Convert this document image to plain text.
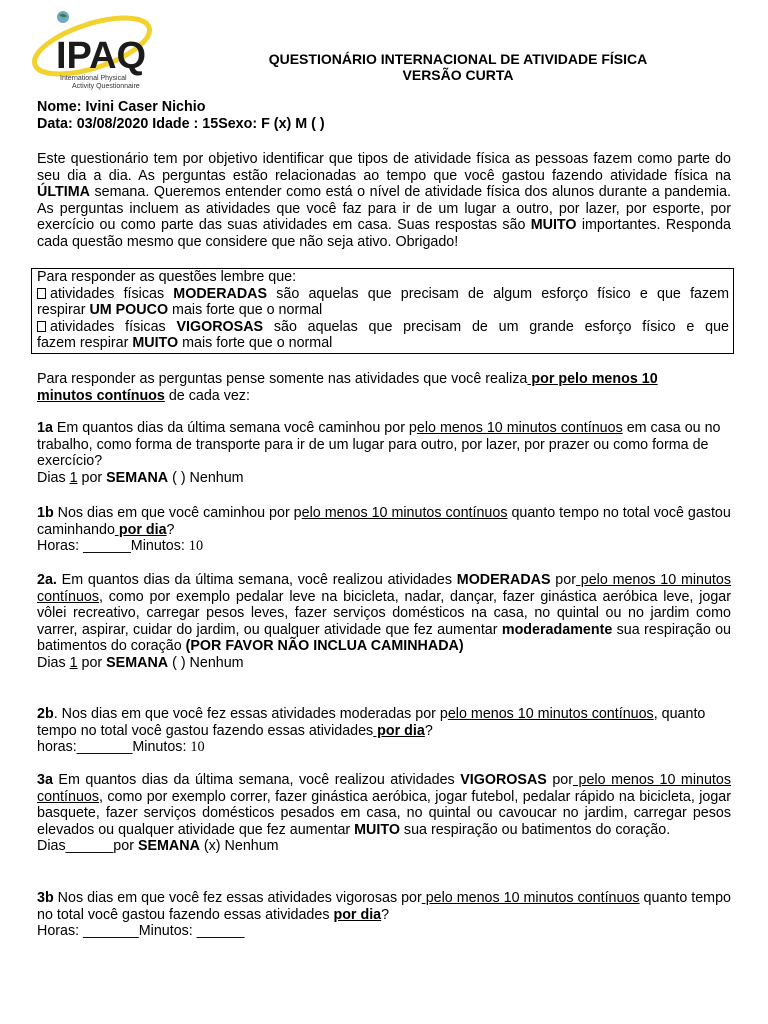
IPAQ
International Physical
Activity Questionnaire
QUESTIONÁRIO INTERNACIONAL DE ATIVIDADE FÍSICA
VERSÃO CURTA
Nome: Ivini Caser Nichio
Data: 03/08/2020 Idade : 15Sexo: F (x) M ( )
Este questionário tem por objetivo identificar que tipos de atividade física as pessoas fazem como parte do seu dia a dia. As perguntas estão relacionadas ao tempo que você gastou fazendo atividade física na ÚLTIMA semana. Queremos entender como está o nível de atividade física dos alunos durante a pandemia. As perguntas incluem as atividades que você faz para ir de um lugar a outro, por lazer, por esporte, por exercício ou como parte das suas atividades em casa. Suas respostas são MUITO importantes. Responda cada questão mesmo que considere que não seja ativo. Obrigado!
Para responder as questões lembre que:
atividades físicas MODERADAS são aquelas que precisam de algum esforço físico e que fazem
respirar UM POUCO mais forte que o normal
atividades físicas VIGOROSAS são aquelas que precisam de um grande esforço físico e que
fazem respirar MUITO mais forte que o normal
Para responder as perguntas pense somente nas atividades que você realiza por pelo menos 10
minutos contínuos de cada vez:

1a Em quantos dias da última semana você caminhou por pelo menos 10 minutos contínuos em casa ou no trabalho, como forma de transporte para ir de um lugar para outro, por lazer, por prazer ou como forma de exercício?

Dias 1 por SEMANA ( ) Nenhum

1b Nos dias em que você caminhou por pelo menos 10 minutos contínuos quanto tempo no total você gastou caminhando por dia?

Horas: ______Minutos: 10

2a. Em quantos dias da última semana, você realizou atividades MODERADAS por pelo menos 10 minutos contínuos, como por exemplo pedalar leve na bicicleta, nadar, dançar, fazer ginástica aeróbica leve, jogar vôlei recreativo, carregar pesos leves, fazer serviços domésticos na casa, no quintal ou no jardim como varrer, aspirar, cuidar do jardim, ou qualquer atividade que fez aumentar moderadamente sua respiração ou batimentos do coração (POR FAVOR NÃO INCLUA CAMINHADA)

Dias 1 por SEMANA ( ) Nenhum

2b. Nos dias em que você fez essas atividades moderadas por pelo menos 10 minutos contínuos, quanto tempo no total você gastou fazendo essas atividades por dia?

horas:_______Minutos: 10

3a Em quantos dias da última semana, você realizou atividades VIGOROSAS por pelo menos 10 minutos contínuos, como por exemplo correr, fazer ginástica aeróbica, jogar futebol, pedalar rápido na bicicleta, jogar basquete, fazer serviços domésticos pesados em casa, no quintal ou cavoucar no jardim, carregar pesos elevados ou qualquer atividade que fez aumentar MUITO sua respiração ou batimentos do coração.

Dias______por SEMANA (x) Nenhum

3b Nos dias em que você fez essas atividades vigorosas por pelo menos 10 minutos contínuos quanto tempo no total você gastou fazendo essas atividades por dia?

Horas: _______Minutos: ______
